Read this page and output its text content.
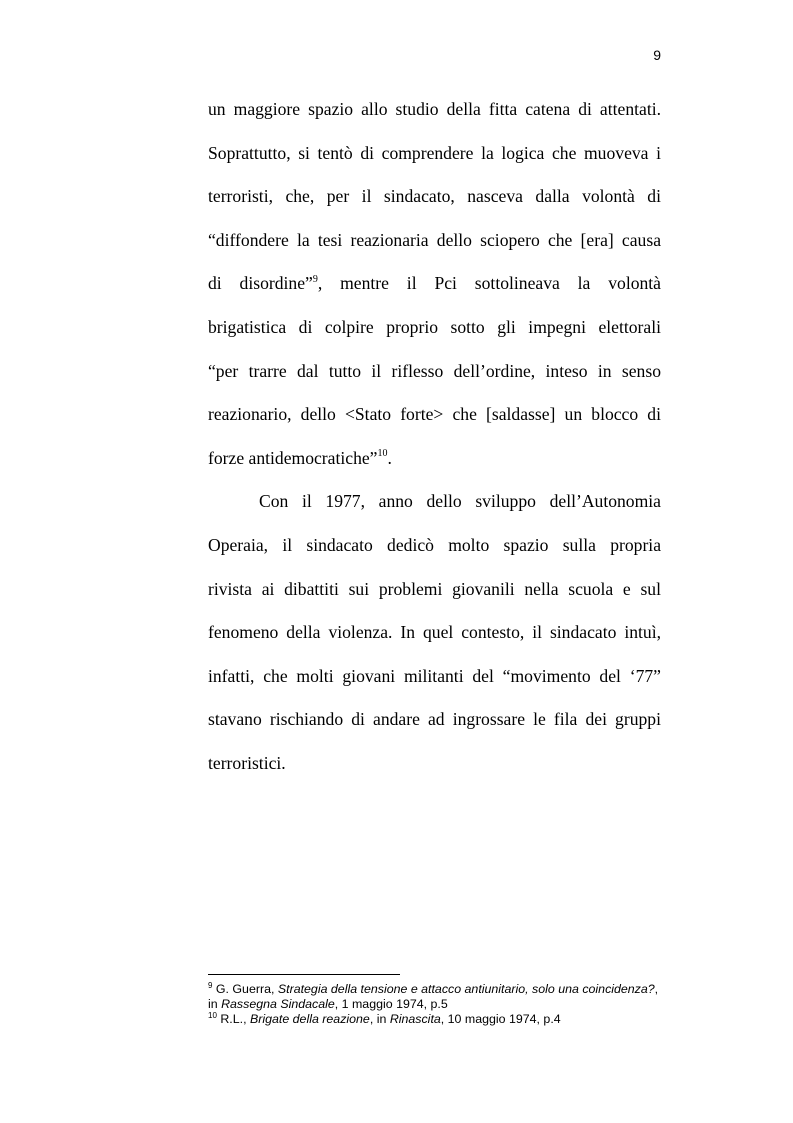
9
un maggiore spazio allo studio della fitta catena di attentati.
Soprattutto, si tentò di comprendere la logica che muoveva i
terroristi, che, per il sindacato, nasceva dalla volontà di
“diffondere la tesi reazionaria dello sciopero che [era] causa
di disordine”$^9$, mentre il Pci sottolineava la volontà
brigatistica di colpire proprio sotto gli impegni elettorali
“per trarre dal tutto il riflesso dell’ordine, inteso in senso
reazionario, dello <Stato forte> che [saldasse] un blocco di
forze antidemocratiche”$^{10}$.
Con il 1977, anno dello sviluppo dell’Autonomia
Operaia, il sindacato dedicò molto spazio sulla propria
rivista ai dibattiti sui problemi giovanili nella scuola e sul
fenomeno della violenza. In quel contesto, il sindacato intuì,
infatti, che molti giovani militanti del “movimento del ‘77”
stavano rischiando di andare ad ingrossare le fila dei gruppi
terroristici.

$^9$ G. Guerra, Strategia della tensione e attacco antiunitario, solo una coincidenza?, in Rassegna Sindacale, 1 maggio 1974, p.5

$^{10}$ R.L., Brigate della reazione, in Rinascita, 10 maggio 1974, p.4
